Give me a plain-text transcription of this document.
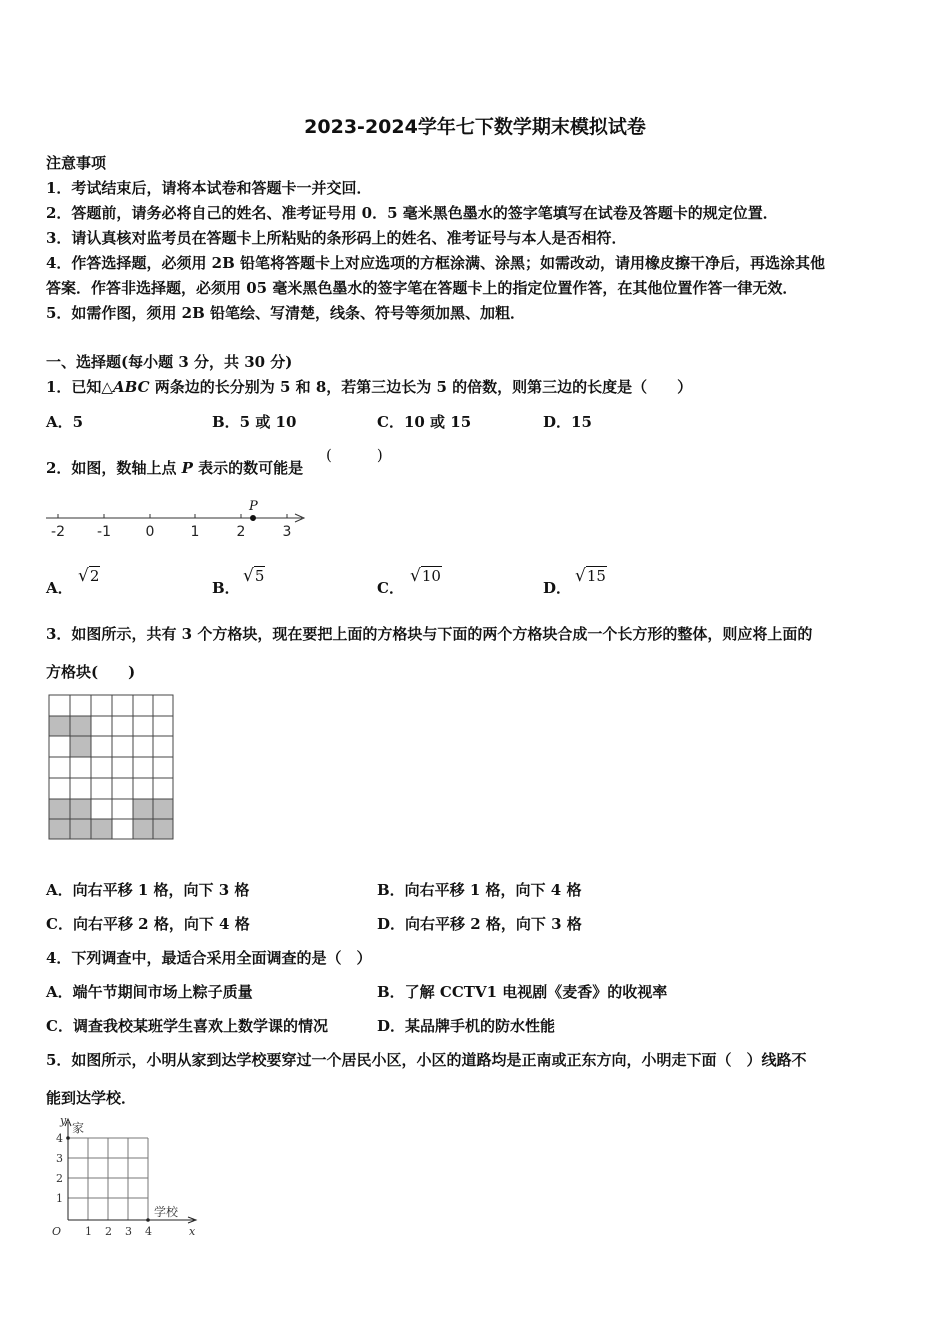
2023-2024学年七下数学期末模拟试卷
注意事项
1．考试结束后，请将本试卷和答题卡一并交回．
2．答题前，请务必将自己的姓名、准考证号用 0．5 毫米黑色墨水的签字笔填写在试卷及答题卡的规定位置．
3．请认真核对监考员在答题卡上所粘贴的条形码上的姓名、准考证号与本人是否相符．
4．作答选择题，必须用 2B 铅笔将答题卡上对应选项的方框涂满、涂黑；如需改动，请用橡皮擦干净后，再选涂其他
答案．作答非选择题，必须用 05 毫米黑色墨水的签字笔在答题卡上的指定位置作答，在其他位置作答一律无效．
5．如需作图，须用 2B 铅笔绘、写清楚，线条、符号等须加黑、加粗．
一、选择题(每小题 3 分，共 30 分)
1．已知△ABC 两条边的长分别为 5 和 8，若第三边长为 5 的倍数，则第三边的长度是（　　）
A．5	B．5 或 10	C．10 或 15	D．15
2．如图，数轴上点 P 表示的数可能是
(　　　)
-2 -1 0	1	2	3
P
A．
√2
B．
√5
C．
√10
D．
√15
3．如图所示，共有 3 个方格块，现在要把上面的方格块与下面的两个方格块合成一个长方形的整体，则应将上面的
方格块(　　)
A．向右平移 1 格，向下 3 格	B．向右平移 1 格，向下 4 格
C．向右平移 2 格，向下 4 格	D．向右平移 2 格，向下 3 格
4．下列调查中，最适合采用全面调查的是（　）
A．端午节期间市场上粽子质量	B．了解 CCTV1 电视剧《麦香》的收视率
C．调查我校某班学生喜欢上数学课的情况	D．某品牌手机的防水性能
5．如图所示，小明从家到达学校要穿过一个居民小区，小区的道路均是正南或正东方向，小明走下面（　）线路不
能到达学校．
y
x
O 1 2 3 4
1
2
3
4
家
学校
